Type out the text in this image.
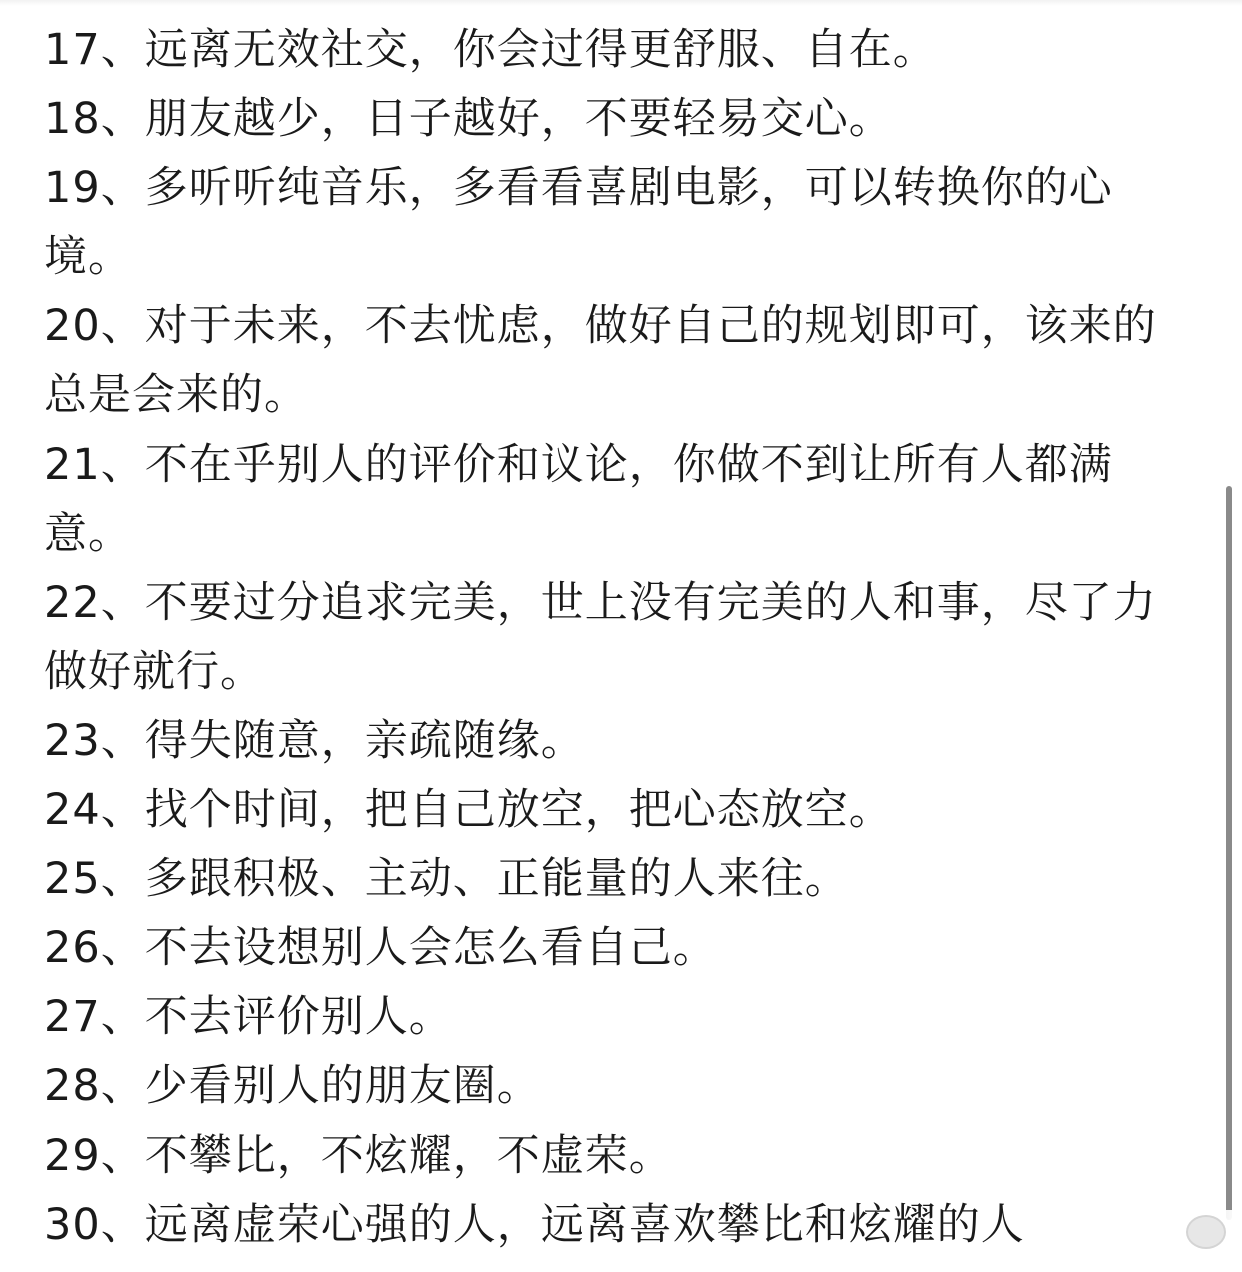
17、远离无效社交，你会过得更舒服、自在。
18、朋友越少，日子越好，不要轻易交心。
19、多听听纯音乐，多看看喜剧电影，可以转换你的心境。
20、对于未来，不去忧虑，做好自己的规划即可，该来的总是会来的。
21、不在乎别人的评价和议论，你做不到让所有人都满意。
22、不要过分追求完美，世上没有完美的人和事，尽了力做好就行。
23、得失随意，亲疏随缘。
24、找个时间，把自己放空，把心态放空。
25、多跟积极、主动、正能量的人来往。
26、不去设想别人会怎么看自己。
27、不去评价别人。
28、少看别人的朋友圈。
29、不攀比，不炫耀，不虚荣。
30、远离虚荣心强的人，远离喜欢攀比和炫耀的人
